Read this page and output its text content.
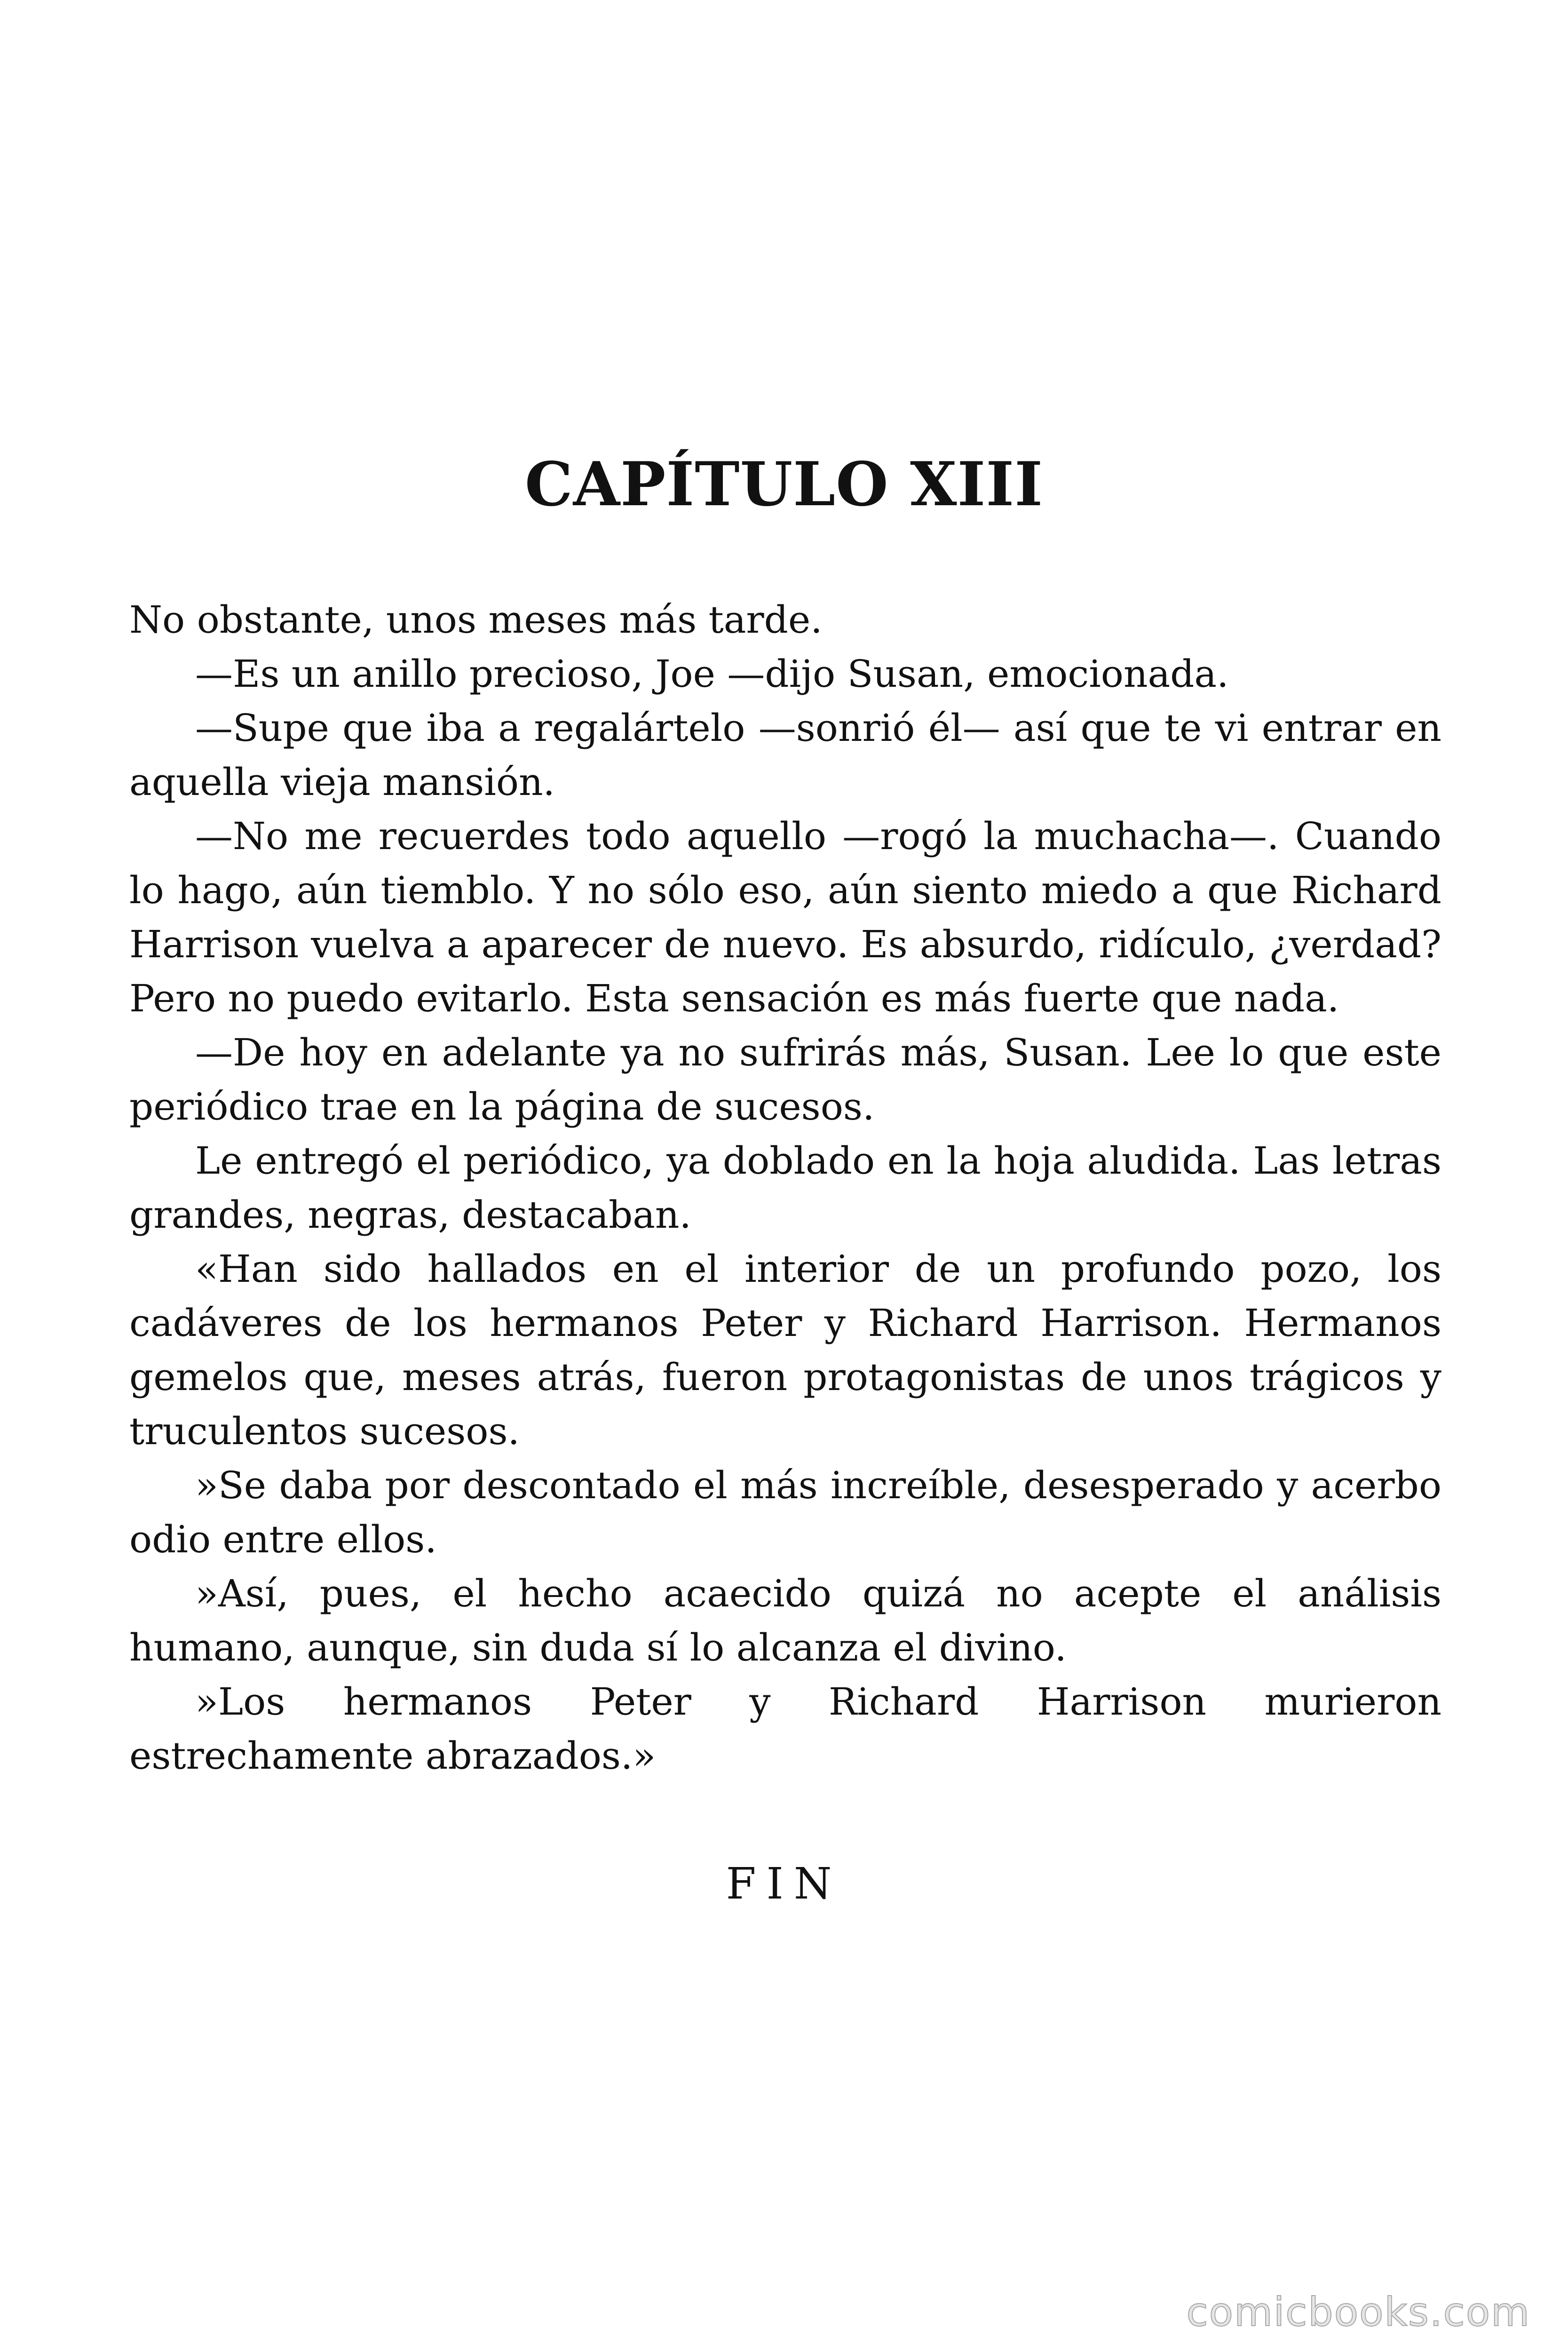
CAPÍTULO XIII

No obstante, unos meses más tarde.

—Es un anillo precioso, Joe —dijo Susan, emocionada.

—Supe que iba a regalártelo —sonrió él— así que te vi entrar en aquella vieja mansión.

—No me recuerdes todo aquello —rogó la muchacha—. Cuando lo hago, aún tiemblo. Y no sólo eso, aún siento miedo a que Richard Harrison vuelva a aparecer de nuevo. Es absurdo, ridículo, ¿verdad? Pero no puedo evitarlo. Esta sensación es más fuerte que nada.

—De hoy en adelante ya no sufrirás más, Susan. Lee lo que este periódico trae en la página de sucesos.

Le entregó el periódico, ya doblado en la hoja aludida. Las letras grandes, negras, destacaban.

«Han sido hallados en el interior de un profundo pozo, los cadáveres de los hermanos Peter y Richard Harrison. Hermanos gemelos que, meses atrás, fueron protagonistas de unos trágicos y truculentos sucesos.

»Se daba por descontado el más increíble, desesperado y acerbo odio entre ellos.

»Así, pues, el hecho acaecido quizá no acepte el análisis humano, aunque, sin duda sí lo alcanza el divino.

»Los hermanos Peter y Richard Harrison murieron estrechamente abrazados.»

FIN
comicbooks.com
